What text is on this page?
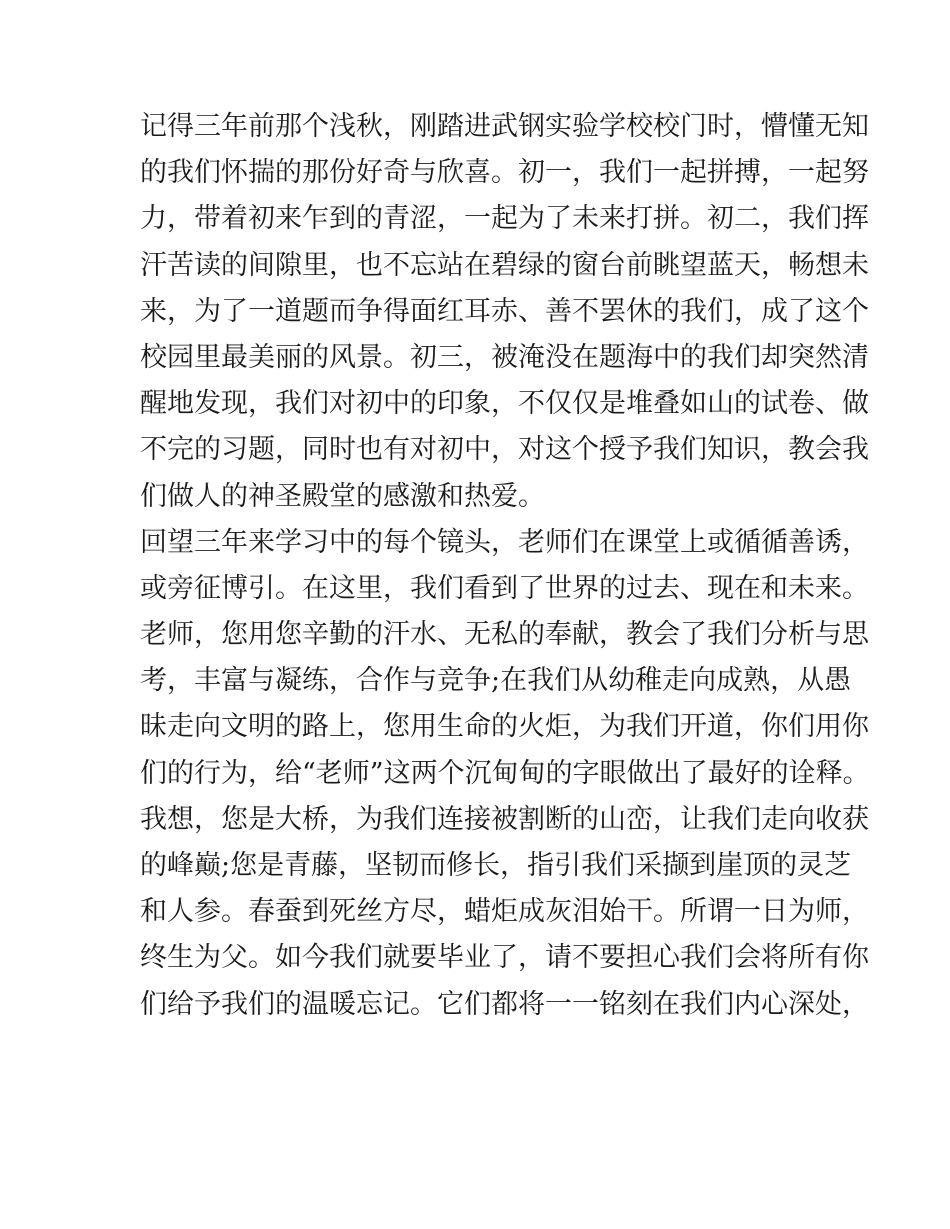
记得三年前那个浅秋，刚踏进武钢实验学校校门时，懵懂无知
的我们怀揣的那份好奇与欣喜。初一，我们一起拼搏，一起努
力，带着初来乍到的青涩，一起为了未来打拼。初二，我们挥
汗苦读的间隙里，也不忘站在碧绿的窗台前眺望蓝天，畅想未
来，为了一道题而争得面红耳赤、善不罢休的我们，成了这个
校园里最美丽的风景。初三，被淹没在题海中的我们却突然清
醒地发现，我们对初中的印象，不仅仅是堆叠如山的试卷、做
不完的习题，同时也有对初中，对这个授予我们知识，教会我
们做人的神圣殿堂的感激和热爱。
回望三年来学习中的每个镜头，老师们在课堂上或循循善诱，
或旁征博引。在这里，我们看到了世界的过去、现在和未来。
老师，您用您辛勤的汗水、无私的奉献，教会了我们分析与思
考，丰富与凝练，合作与竞争;在我们从幼稚走向成熟，从愚
昧走向文明的路上，您用生命的火炬，为我们开道，你们用你
们的行为，给“老师”这两个沉甸甸的字眼做出了最好的诠释。
我想，您是大桥，为我们连接被割断的山峦，让我们走向收获
的峰巅;您是青藤，坚韧而修长，指引我们采撷到崖顶的灵芝
和人参。春蚕到死丝方尽，蜡炬成灰泪始干。所谓一日为师，
终生为父。如今我们就要毕业了，请不要担心我们会将所有你
们给予我们的温暖忘记。它们都将一一铭刻在我们内心深处，
